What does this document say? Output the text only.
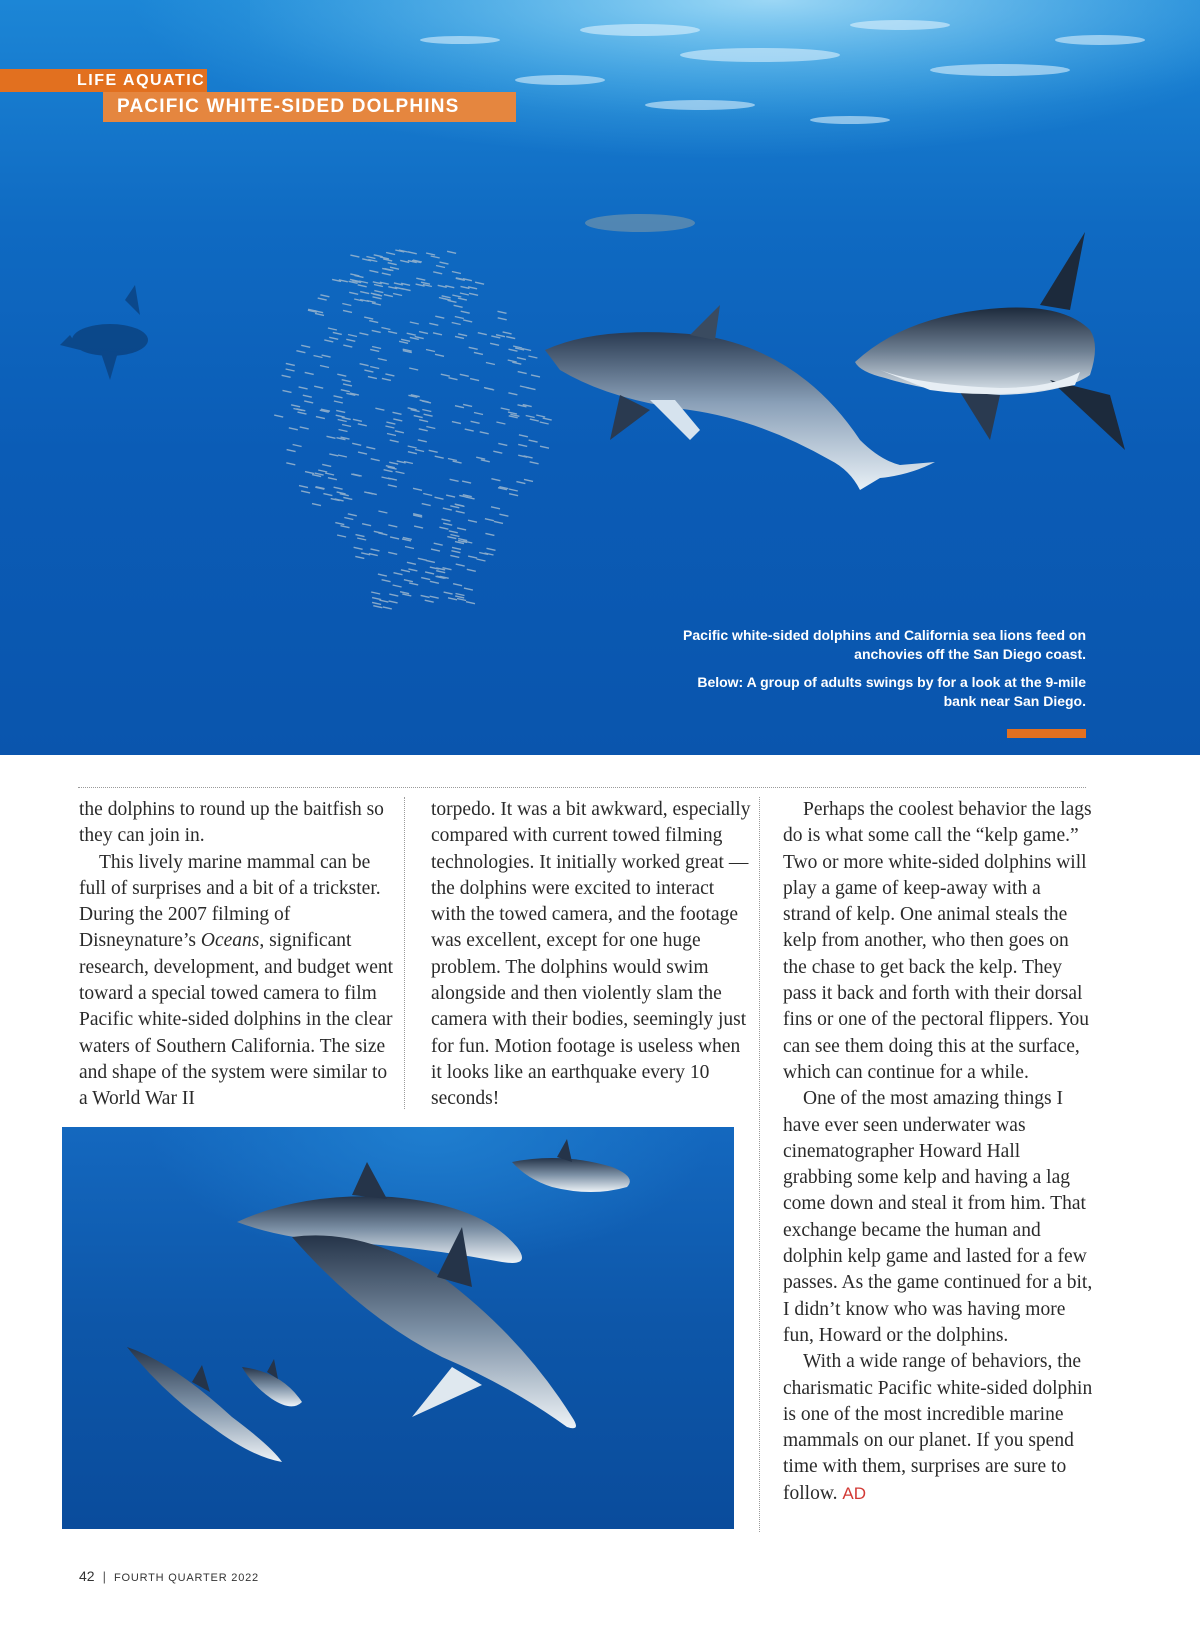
LIFE AQUATIC
PACIFIC WHITE-SIDED DOLPHINS

Pacific white-sided dolphins and California sea lions feed on anchovies off the San Diego coast.

Below: A group of adults swings by for a look at the 9-mile bank near San Diego.

the dolphins to round up the baitfish so they can join in.

This lively marine mammal can be full of surprises and a bit of a trickster. During the 2007 filming of Disneynature’s Oceans, significant research, development, and budget went toward a special towed camera to film Pacific white-sided dolphins in the clear waters of Southern California. The size and shape of the system were similar to a World War II

torpedo. It was a bit awkward, especially compared with current towed filming technologies. It initially worked great — the dolphins were excited to interact with the towed camera, and the footage was excellent, except for one huge problem. The dolphins would swim alongside and then violently slam the camera with their bodies, seemingly just for fun. Motion footage is useless when it looks like an earthquake every 10 seconds!

Perhaps the coolest behavior the lags do is what some call the “kelp game.” Two or more white-sided dolphins will play a game of keep-away with a strand of kelp. One animal steals the kelp from another, who then goes on the chase to get back the kelp. They pass it back and forth with their dorsal fins or one of the pectoral flippers. You can see them doing this at the surface, which can continue for a while.

One of the most amazing things I have ever seen underwater was cinematographer Howard Hall grabbing some kelp and having a lag come down and steal it from him. That exchange became the human and dolphin kelp game and lasted for a few passes. As the game continued for a bit, I didn’t know who was having more fun, Howard or the dolphins.

With a wide range of behaviors, the charismatic Pacific white-sided dolphin is one of the most incredible marine mammals on our planet. If you spend time with them, surprises are sure to follow. AD

42 | FOURTH QUARTER 2022
